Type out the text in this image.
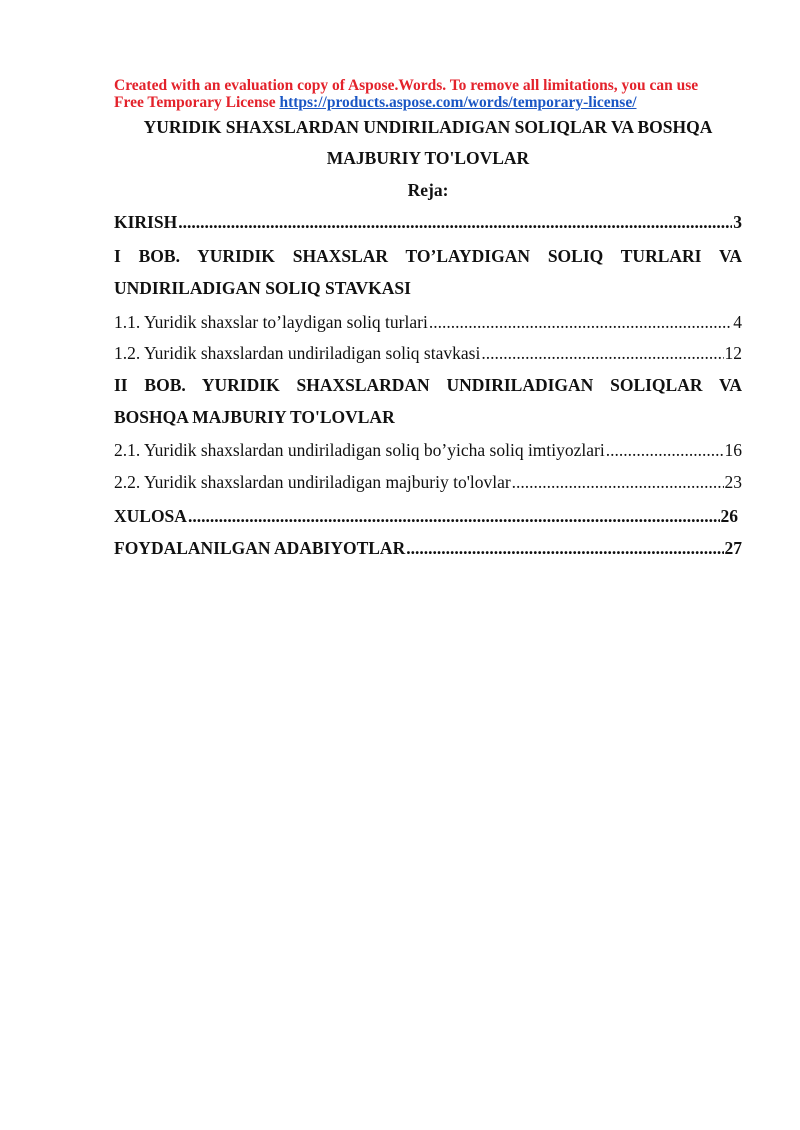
Created with an evaluation copy of Aspose.Words. To remove all limitations, you can use
Free Temporary License https://products.aspose.com/words/temporary-license/
YURIDIK SHAXSLARDAN UNDIRILADIGAN SOLIQLAR VA BOSHQA
MAJBURIY TO'LOVLAR
Reja:
KIRISH .....	3
I BOB. YURIDIK SHAXSLAR TO’LAYDIGAN SOLIQ TURLARI VA
UNDIRILADIGAN SOLIQ STAVKASI
1.1. Yuridik shaxslar to’laydigan soliq turlari .....	4
1.2. Yuridik shaxslardan undiriladigan soliq stavkasi .....	12
II BOB. YURIDIK SHAXSLARDAN UNDIRILADIGAN SOLIQLAR VA
BOSHQA MAJBURIY TO'LOVLAR
2.1. Yuridik shaxslardan undiriladigan soliq bo’yicha soliq imtiyozlari .....	16
2.2. Yuridik shaxslardan undiriladigan majburiy to'lovlar .....	23
XULOSA .....	26
FOYDALANILGAN ADABIYOTLAR .....	27
